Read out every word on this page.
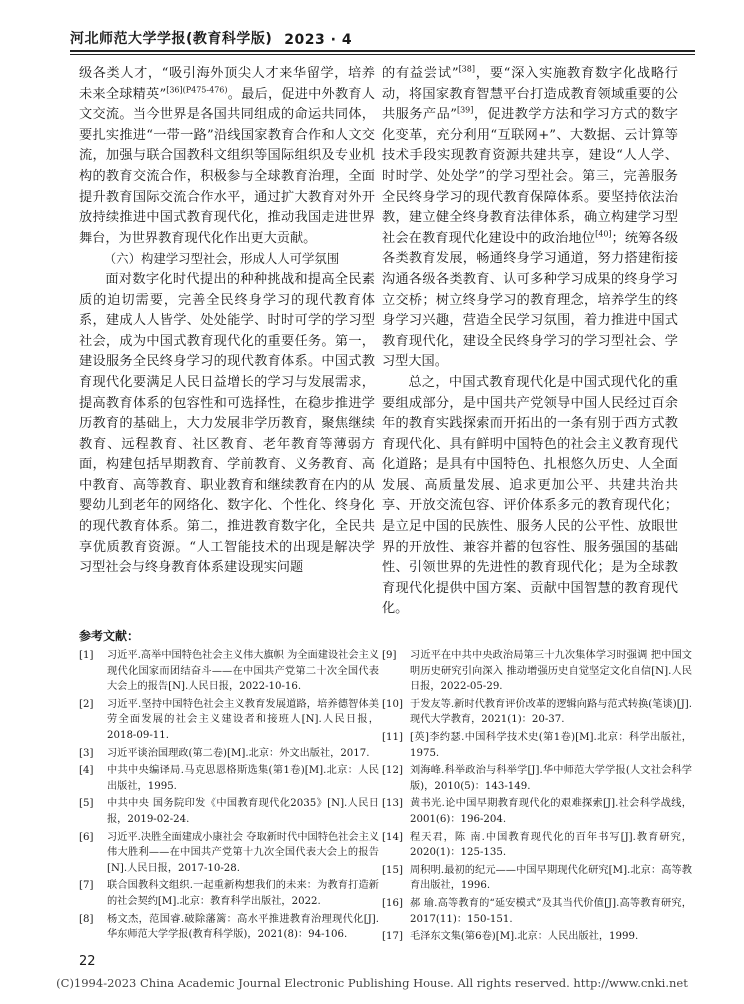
河北师范大学学报(教育科学版) 2023 · 4

级各类人才，“吸引海外顶尖人才来华留学，培养未来全球精英”$^{[36](P475-476)}$。最后，促进中外教育人文交流。当今世界是各国共同组成的命运共同体，要扎实推进“一带一路”沿线国家教育合作和人文交流，加强与联合国教科文组织等国际组织及专业机构的教育交流合作，积极参与全球教育治理，全面提升教育国际交流合作水平，通过扩大教育对外开放持续推进中国式教育现代化，推动我国走进世界舞台，为世界教育现代化作出更大贡献。

（六）构建学习型社会，形成人人可学氛围

面对数字化时代提出的种种挑战和提高全民素质的迫切需要，完善全民终身学习的现代教育体系，建成人人皆学、处处能学、时时可学的学习型社会，成为中国式教育现代化的重要任务。第一，建设服务全民终身学习的现代教育体系。中国式教育现代化要满足人民日益增长的学习与发展需求，提高教育体系的包容性和可选择性，在稳步推进学历教育的基础上，大力发展非学历教育，聚焦继续教育、远程教育、社区教育、老年教育等薄弱方面，构建包括早期教育、学前教育、义务教育、高中教育、高等教育、职业教育和继续教育在内的从婴幼儿到老年的网络化、数字化、个性化、终身化的现代教育体系。第二，推进教育数字化，全民共享优质教育资源。“人工智能技术的出现是解决学习型社会与终身教育体系建设现实问题

的有益尝试”[38]，要“深入实施教育数字化战略行动，将国家教育智慧平台打造成教育领域重要的公共服务产品”[39]，促进教学方法和学习方式的数字化变革，充分利用“互联网+”、大数据、云计算等技术手段实现教育资源共建共享，建设“人人学、时时学、处处学”的学习型社会。第三，完善服务全民终身学习的现代教育保障体系。要坚持依法治教，建立健全终身教育法律体系，确立构建学习型社会在教育现代化建设中的政治地位[40]；统筹各级各类教育发展，畅通终身学习通道，努力搭建衔接沟通各级各类教育、认可多种学习成果的终身学习立交桥；树立终身学习的教育理念，培养学生的终身学习兴趣，营造全民学习氛围，着力推进中国式教育现代化，建设全民终身学习的学习型社会、学习型大国。

总之，中国式教育现代化是中国式现代化的重要组成部分，是中国共产党领导中国人民经过百余年的教育实践探索而开拓出的一条有别于西方式教育现代化、具有鲜明中国特色的社会主义教育现代化道路；是具有中国特色、扎根悠久历史、人全面发展、高质量发展、追求更加公平、共建共治共享、开放交流包容、评价体系多元的教育现代化；是立足中国的民族性、服务人民的公平性、放眼世界的开放性、兼容并蓄的包容性、服务强国的基础性、引领世界的先进性的教育现代化；是为全球教育现代化提供中国方案、贡献中国智慧的教育现代化。

参考文献：
[1]	习近平.高举中国特色社会主义伟大旗帜 为全面建设社会主义现代化国家而团结奋斗——在中国共产党第二十次全国代表大会上的报告[N].人民日报，2022-10-16.
[2]	习近平.坚持中国特色社会主义教育发展道路，培养德智体美劳全面发展的社会主义建设者和接班人[N].人民日报，2018-09-11.
[3]	习近平谈治国理政(第二卷)[M].北京：外文出版社，2017.
[4]	中共中央编译局.马克思恩格斯选集(第1卷)[M].北京：人民出版社，1995.
[5]	中共中央 国务院印发《中国教育现代化2035》[N].人民日报，2019-02-24.
[6]	习近平.决胜全面建成小康社会 夺取新时代中国特色社会主义伟大胜利——在中国共产党第十九次全国代表大会上的报告[N].人民日报，2017-10-28.
[7]	联合国教科文组织.一起重新构想我们的未来：为教育打造新的社会契约[M].北京：教育科学出版社，2022.
[8]	杨文杰，范国睿.破除藩篱：高水平推进教育治理现代化[J].华东师范大学学报(教育科学版)，2021(8)：94-106.
[9]	习近平在中共中央政治局第三十九次集体学习时强调 把中国文明历史研究引向深入 推动增强历史自觉坚定文化自信[N].人民日报，2022-05-29.
[10] 于发友等.新时代教育评价改革的逻辑向路与范式转换(笔谈)[J].现代大学教育，2021(1)：20-37.
[11] [英]李约瑟.中国科学技术史(第1卷)[M].北京：科学出版社，1975.
[12] 刘海峰.科举政治与科举学[J].华中师范大学学报(人文社会科学版)，2010(5)：143-149.
[13] 黄书光.论中国早期教育现代化的艰难探索[J].社会科学战线，2001(6)：196-204.
[14] 程天君，陈 南.中国教育现代化的百年书写[J].教育研究，2020(1)：125-135.
[15] 周积明.最初的纪元——中国早期现代化研究[M].北京：高等教育出版社，1996.
[16] 郝 瑜.高等教育的“延安模式”及其当代价值[J].高等教育研究，2017(11)：150-151.
[17] 毛泽东文集(第6卷)[M].北京：人民出版社，1999.
22
(C)1994-2023 China Academic Journal Electronic Publishing House. All rights reserved. http://www.cnki.net
